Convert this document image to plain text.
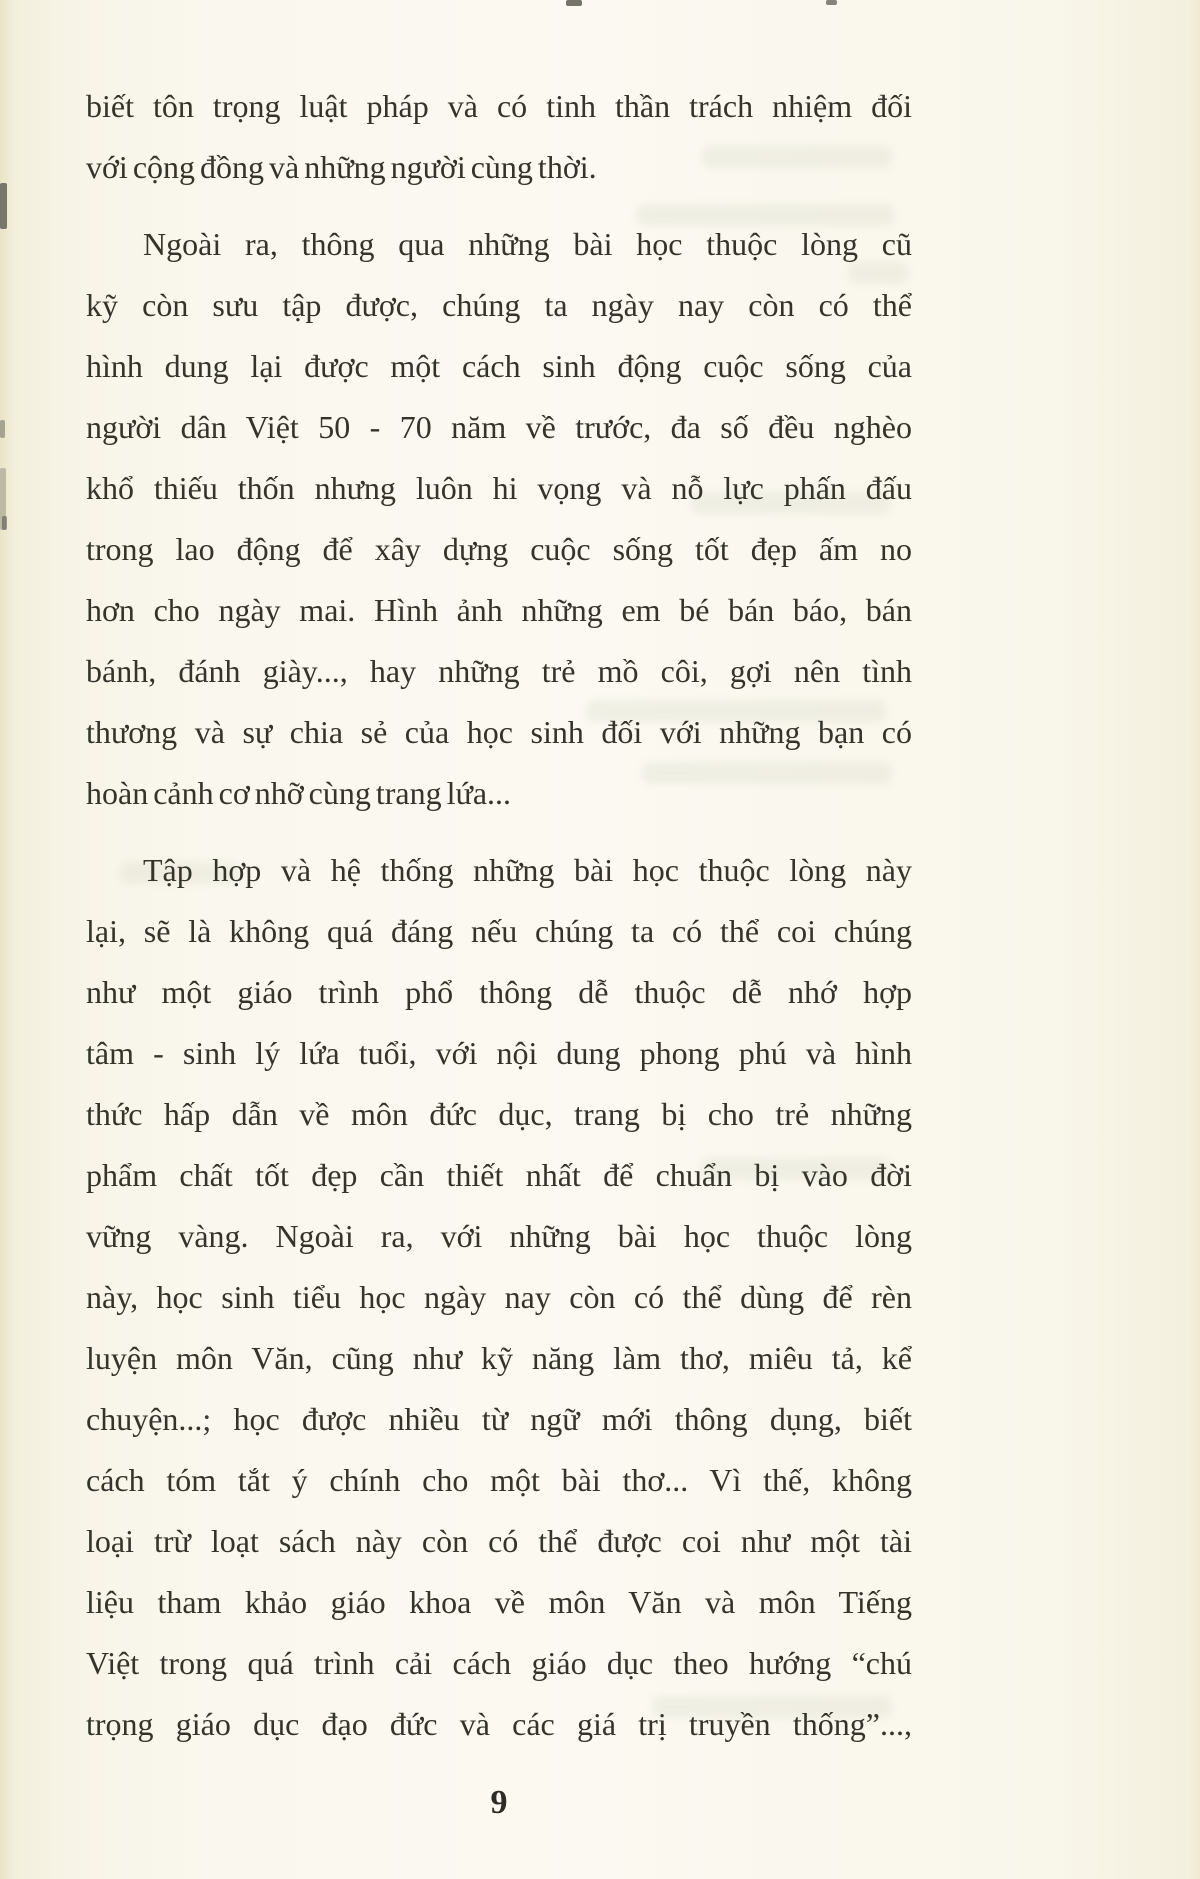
biết tôn trọng luật pháp và có tinh thần trách nhiệm đối
với cộng đồng và những người cùng thời.
Ngoài ra, thông qua những bài học thuộc lòng cũ
kỹ còn sưu tập được, chúng ta ngày nay còn có thể
hình dung lại được một cách sinh động cuộc sống của
người dân Việt 50 - 70 năm về trước, đa số đều nghèo
khổ thiếu thốn nhưng luôn hi vọng và nỗ lực phấn đấu
trong lao động để xây dựng cuộc sống tốt đẹp ấm no
hơn cho ngày mai. Hình ảnh những em bé bán báo, bán
bánh, đánh giày..., hay những trẻ mồ côi, gợi nên tình
thương và sự chia sẻ của học sinh đối với những bạn có
hoàn cảnh cơ nhỡ cùng trang lứa...
Tập hợp và hệ thống những bài học thuộc lòng này
lại, sẽ là không quá đáng nếu chúng ta có thể coi chúng
như một giáo trình phổ thông dễ thuộc dễ nhớ hợp
tâm - sinh lý lứa tuổi, với nội dung phong phú và hình
thức hấp dẫn về môn đức dục, trang bị cho trẻ những
phẩm chất tốt đẹp cần thiết nhất để chuẩn bị vào đời
vững vàng. Ngoài ra, với những bài học thuộc lòng
này, học sinh tiểu học ngày nay còn có thể dùng để rèn
luyện môn Văn, cũng như kỹ năng làm thơ, miêu tả, kể
chuyện...; học được nhiều từ ngữ mới thông dụng, biết
cách tóm tắt ý chính cho một bài thơ... Vì thế, không
loại trừ loạt sách này còn có thể được coi như một tài
liệu tham khảo giáo khoa về môn Văn và môn Tiếng
Việt trong quá trình cải cách giáo dục theo hướng “chú
trọng giáo dục đạo đức và các giá trị truyền thống”...,
9
